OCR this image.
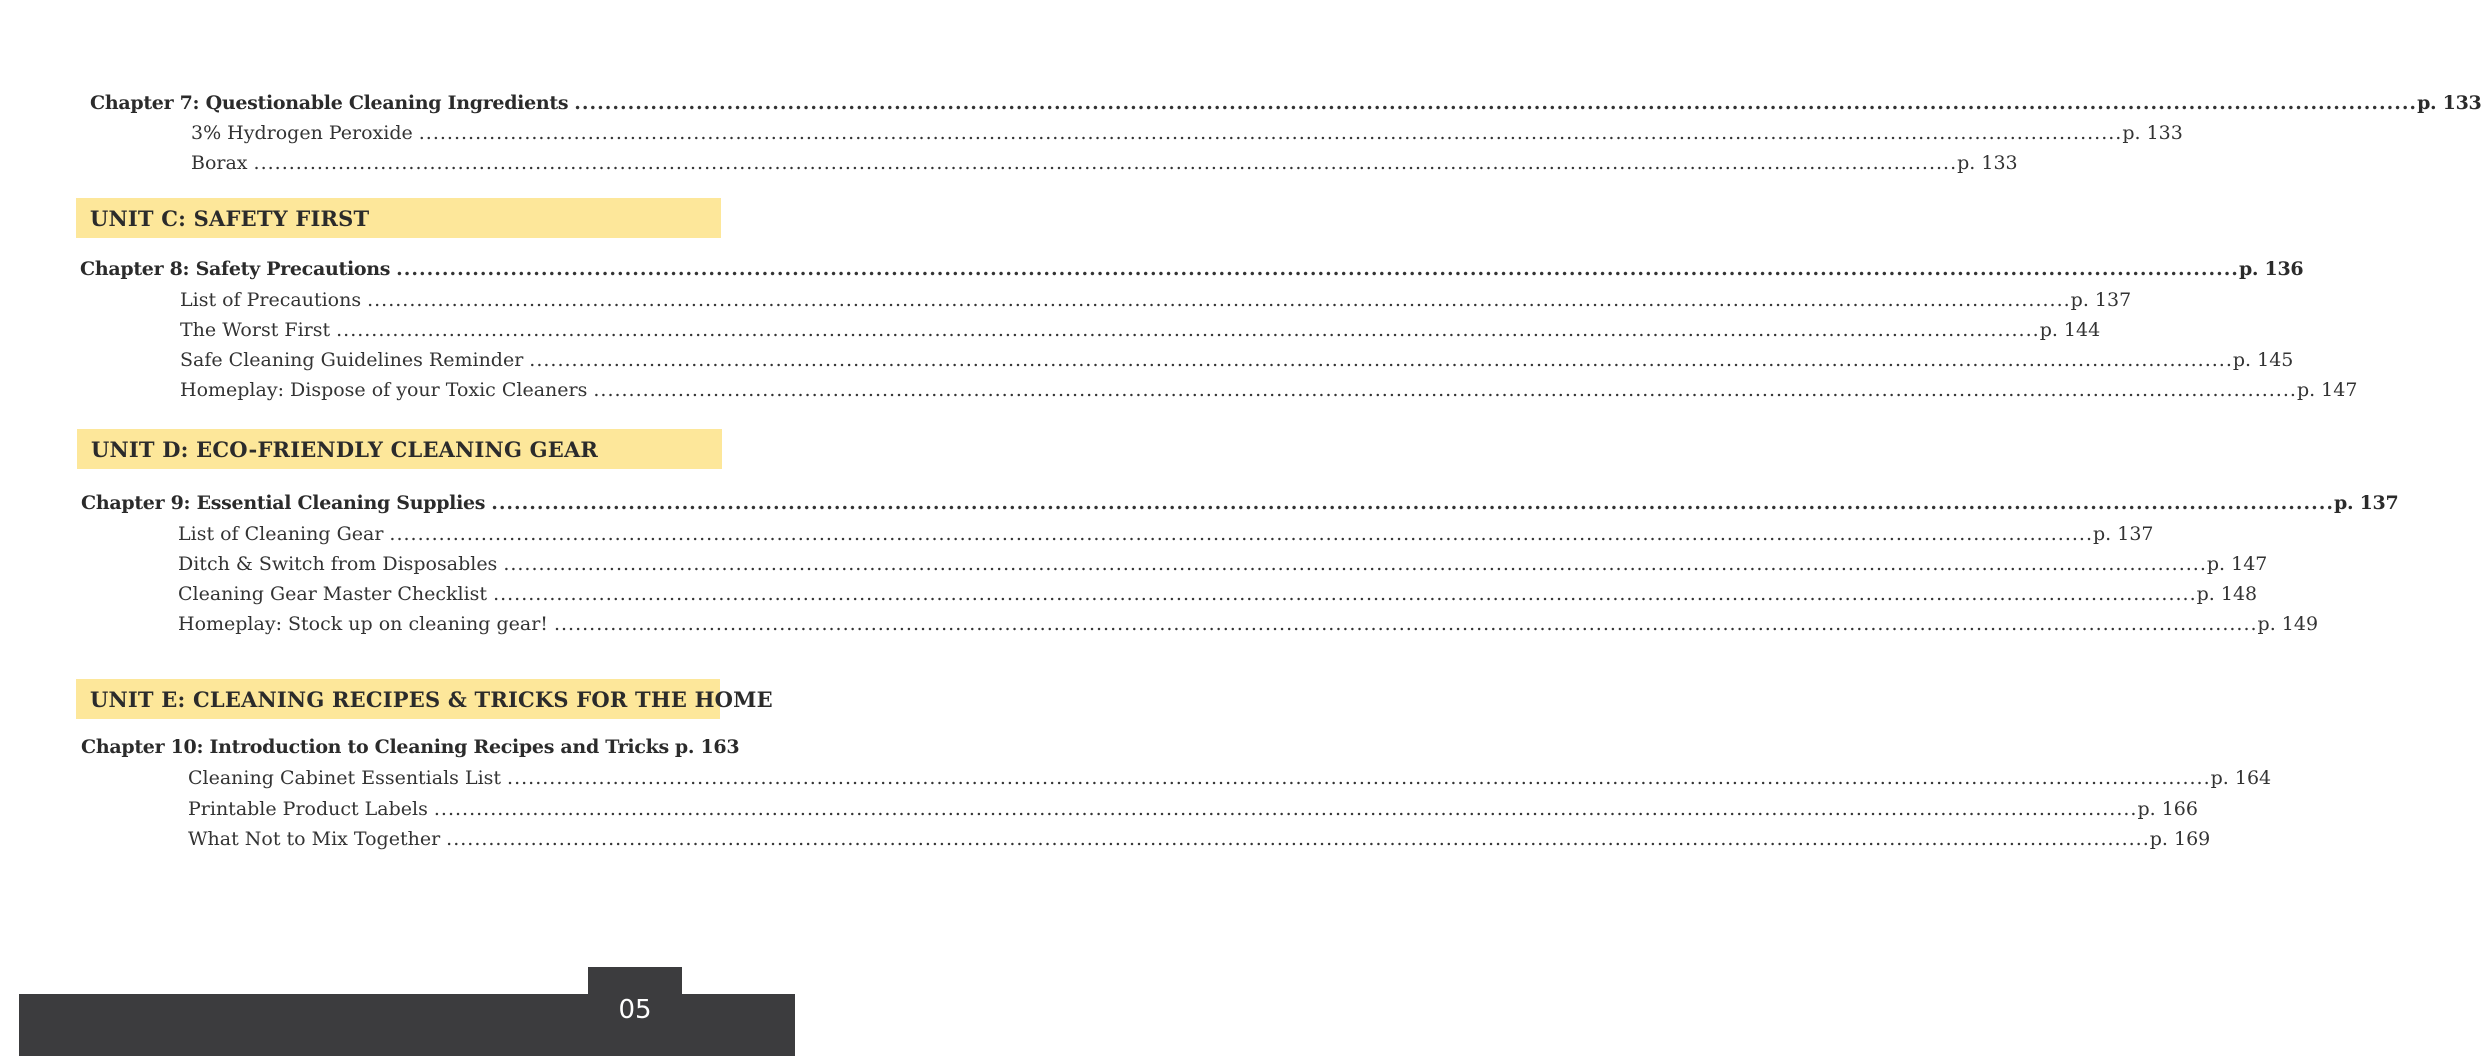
Chapter 7: Questionable Cleaning Ingredients .....	p. 133
3% Hydrogen Peroxide .....	p. 133
Borax .....	p. 133
UNIT C: SAFETY FIRST
Chapter 8: Safety Precautions .....	p. 136
List of Precautions .....	p. 137
The Worst First .....	p. 144
Safe Cleaning Guidelines Reminder .....	p. 145
Homeplay: Dispose of your Toxic Cleaners .....	p. 147
UNIT D: ECO-FRIENDLY CLEANING GEAR
Chapter 9: Essential Cleaning Supplies .....	p. 137
List of Cleaning Gear .....	p. 137
Ditch & Switch from Disposables .....	p. 147
Cleaning Gear Master Checklist .....	p. 148
Homeplay: Stock up on cleaning gear! .....	p. 149
UNIT E: CLEANING RECIPES & TRICKS FOR THE HOME
Chapter 10: Introduction to Cleaning Recipes and Tricks p. 163
Cleaning Cabinet Essentials List .....	p. 164
Printable Product Labels .....	p. 166
What Not to Mix Together .....	p. 169
05
